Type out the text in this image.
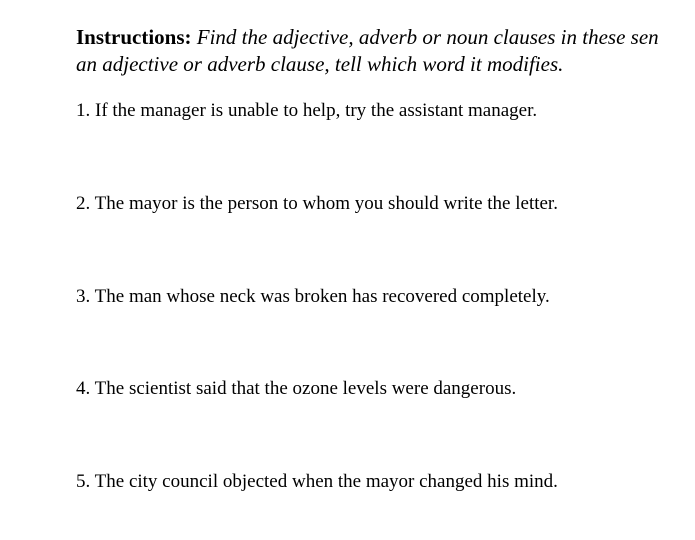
Instructions: Find the adjective, adverb or noun clauses in these sen
an adjective or adverb clause, tell which word it modifies.
1. If the manager is unable to help, try the assistant manager.
2. The mayor is the person to whom you should write the letter.
3. The man whose neck was broken has recovered completely.
4. The scientist said that the ozone levels were dangerous.
5. The city council objected when the mayor changed his mind.
